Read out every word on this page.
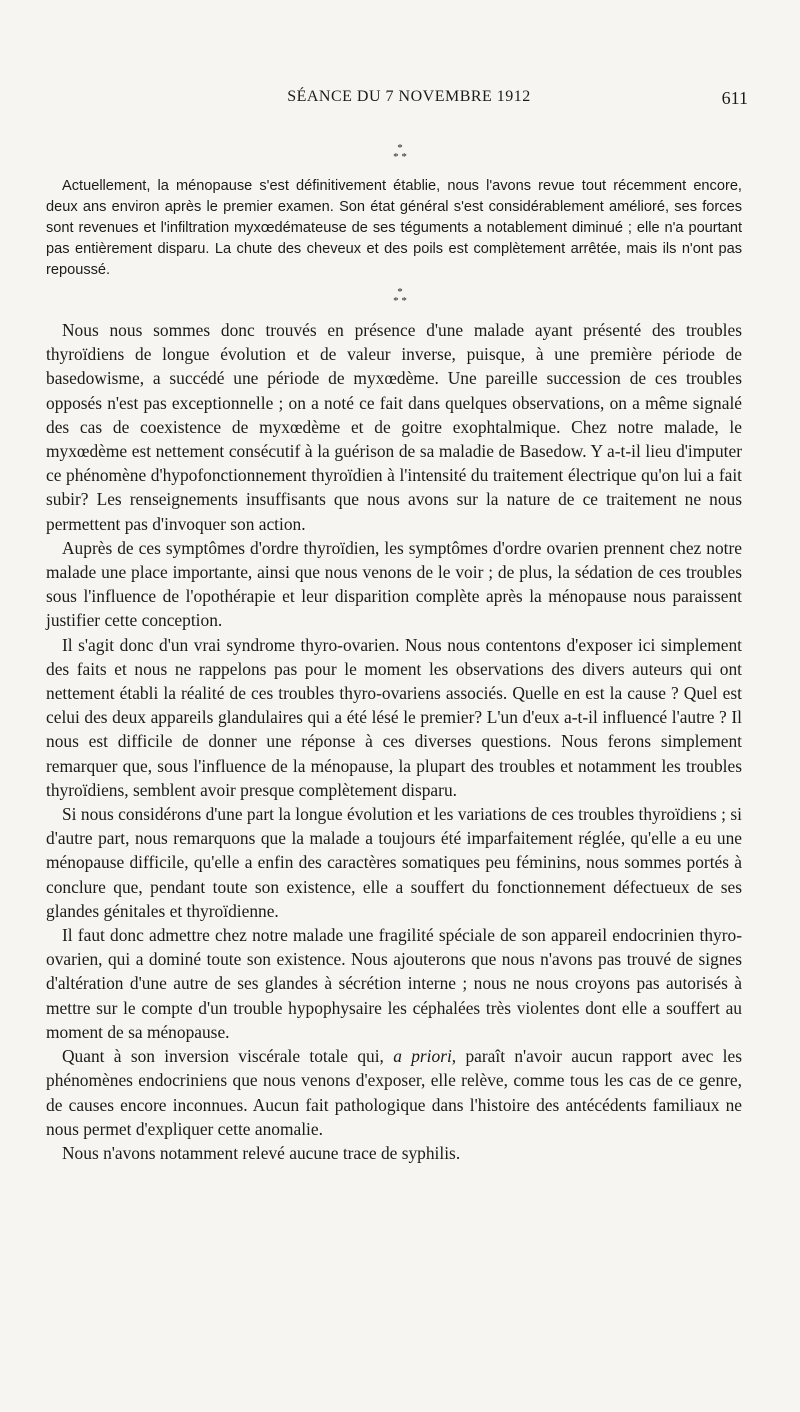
SÉANCE DU 7 NOVEMBRE 1912	611
*
* *

Actuellement, la ménopause s'est définitivement établie, nous l'avons revue tout récemment encore, deux ans environ après le premier examen. Son état général s'est considérablement amélioré, ses forces sont revenues et l'infiltration myxœdémateuse de ses téguments a notablement diminué ; elle n'a pourtant pas entièrement disparu. La chute des cheveux et des poils est complètement arrêtée, mais ils n'ont pas repoussé.

*
* *

Nous nous sommes donc trouvés en présence d'une malade ayant présenté des troubles thyroïdiens de longue évolution et de valeur inverse, puisque, à une première période de basedowisme, a succédé une période de myxœdème. Une pareille succession de ces troubles opposés n'est pas exceptionnelle ; on a noté ce fait dans quelques observations, on a même signalé des cas de coexistence de myxœdème et de goitre exophtalmique. Chez notre malade, le myxœdème est nettement consécutif à la guérison de sa maladie de Basedow. Y a-t-il lieu d'imputer ce phénomène d'hypofonctionnement thyroïdien à l'intensité du traitement électrique qu'on lui a fait subir? Les renseignements insuffisants que nous avons sur la nature de ce traitement ne nous permettent pas d'invoquer son action.

Auprès de ces symptômes d'ordre thyroïdien, les symptômes d'ordre ovarien prennent chez notre malade une place importante, ainsi que nous venons de le voir ; de plus, la sédation de ces troubles sous l'influence de l'opothérapie et leur disparition complète après la ménopause nous paraissent justifier cette conception.

Il s'agit donc d'un vrai syndrome thyro-ovarien. Nous nous contentons d'exposer ici simplement des faits et nous ne rappelons pas pour le moment les observations des divers auteurs qui ont nettement établi la réalité de ces troubles thyro-ovariens associés. Quelle en est la cause ? Quel est celui des deux appareils glandulaires qui a été lésé le premier? L'un d'eux a-t-il influencé l'autre ? Il nous est difficile de donner une réponse à ces diverses questions. Nous ferons simplement remarquer que, sous l'influence de la ménopause, la plupart des troubles et notamment les troubles thyroïdiens, semblent avoir presque complètement disparu.

Si nous considérons d'une part la longue évolution et les variations de ces troubles thyroïdiens ; si d'autre part, nous remarquons que la malade a toujours été imparfaitement réglée, qu'elle a eu une ménopause difficile, qu'elle a enfin des caractères somatiques peu féminins, nous sommes portés à conclure que, pendant toute son existence, elle a souffert du fonctionnement défectueux de ses glandes génitales et thyroïdienne.

Il faut donc admettre chez notre malade une fragilité spéciale de son appareil endocrinien thyro-ovarien, qui a dominé toute son existence. Nous ajouterons que nous n'avons pas trouvé de signes d'altération d'une autre de ses glandes à sécrétion interne ; nous ne nous croyons pas autorisés à mettre sur le compte d'un trouble hypophysaire les céphalées très violentes dont elle a souffert au moment de sa ménopause.

Quant à son inversion viscérale totale qui, a priori, paraît n'avoir aucun rapport avec les phénomènes endocriniens que nous venons d'exposer, elle relève, comme tous les cas de ce genre, de causes encore inconnues. Aucun fait pathologique dans l'histoire des antécédents familiaux ne nous permet d'expliquer cette anomalie.

Nous n'avons notamment relevé aucune trace de syphilis.
